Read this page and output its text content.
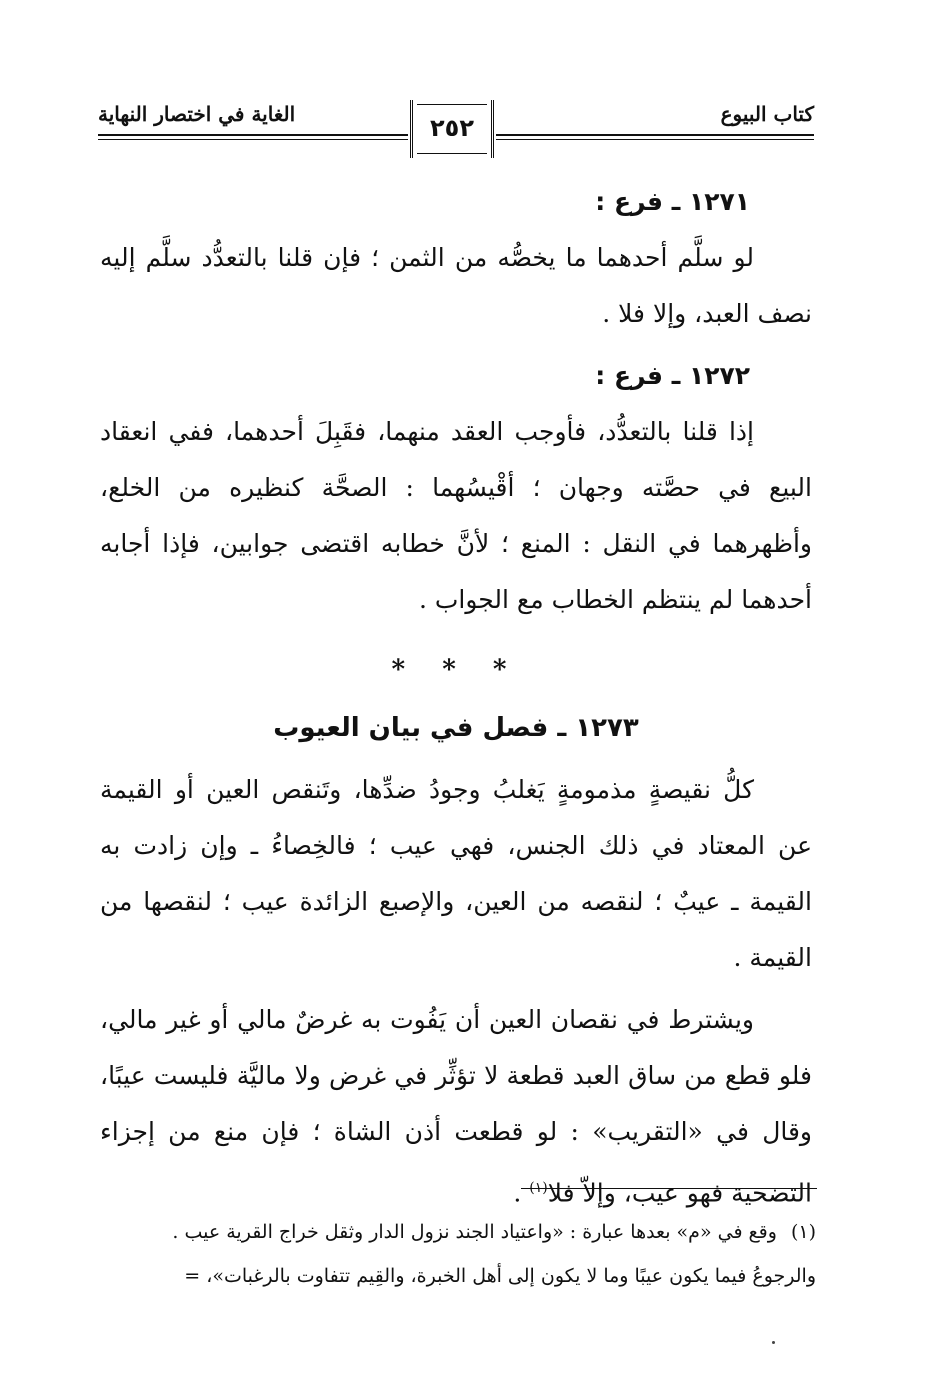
كتاب البيوع
الغاية في اختصار النهاية	٢٥٢

١٢٧١ ـ فرع :

لو سلَّم أحدهما ما يخصُّه من الثمن ؛ فإن قلنا بالتعدُّد سلَّم إليه نصف العبد، وإلا فلا .

١٢٧٢ ـ فرع :

إذا قلنا بالتعدُّد، فأوجب العقد منهما، فقَبِلَ أحدهما، ففي انعقاد البيع في حصَّته وجهان ؛ أقْيسُهما : الصحَّة كنظيره من الخلع، وأظهرهما في النقل : المنع ؛ لأنَّ خطابه اقتضى جوابين، فإذا أجابه أحدهما لم ينتظم الخطاب مع الجواب .

* * *
١٢٧٣ ـ فصل في بيان العيوب

كلُّ نقيصةٍ مذمومةٍ يَغلبُ وجودُ ضدِّها، وتَنقص العين أو القيمة عن المعتاد في ذلك الجنس، فهي عيب ؛ فالخِصاءُ ـ وإن زادت به القيمة ـ عيبٌ ؛ لنقصه من العين، والإصبع الزائدة عيب ؛ لنقصها من القيمة .

ويشترط في نقصان العين أن يَفُوت به غرضٌ مالي أو غير مالي، فلو قطع من ساق العبد قطعة لا تؤثِّر في غرض ولا ماليَّة فليست عيبًا، وقال في «التقريب» : لو قطعت أذن الشاة ؛ فإن منع من إجزاء التضحية فهو عيب، وإلاّ فلا$^{(١)}$ .

(١)وقع في «م» بعدها عبارة : «واعتياد الجند نزول الدار وثقل خراج القرية عيب .
والرجوعُ فيما يكون عيبًا وما لا يكون إلى أهل الخبرة، والقِيم تتفاوت بالرغبات»، =
